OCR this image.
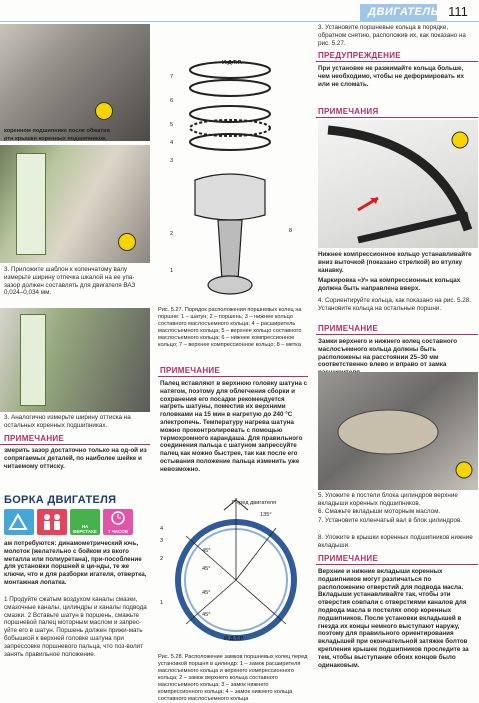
ДВИГАТЕЛЬ 111
коренном подшипнике после обжатия
ртн крышки коренных подшипников.
3. Приложите шаблон к коленчатому валу измерьте ширину отпечка шкалой на ее упа-зазор должен составлять для двигателя ВАЗ 0,024–0,034 мм.
3. Аналогично измерьте ширину оттиска на остальных коренных подшипниках.
ПРИМЕЧАНИЕ
змерить зазор достаточно только на од-ой из сопрягаемых деталей, по наиболее шейке и читаемому оттиску.
БОРКА ДВИГАТЕЛЯ
НА ВЕРСТАКЕ	7 ЧАСОВ
ам потребуются: динамометрический ючь, молоток (желательно с бойком из вкого металла или полиуретана), при-пособление для установки поршней в ци-нды, те же ключи, что и для разборки игателя, отвертка, монтажная лопатка.
1 Продуйте сжатым воздухом каналы смазки, смазочные каналы, цилиндры и каналы подвода смазки. 2 Вставьте шатун в поршень, смажьте поршневой палец моторным маслом и запрес-уйте его в шатун. Поршень должен прижи-мать бобышкой к верхней головке шатуна при запрессовке поршневого пальца, что поз-волит занять правильное положение.
И.Д.Т.Р.
7
6
5
4
3
2
1
8
Рис. 5.27. Порядок расположения поршневых колец на поршне: 1 – шатун; 2 – поршень; 3 – нижнее кольцо составного маслосъемного кольца; 4 – расширитель маслосъемного кольца; 5 – верхнее кольцо составного маслосъемного кольца; 6 – нижнее компрессионное кольцо; 7 – верхнее компрессионное кольцо; 8 – метка
ПРИМЕЧАНИЕ
Палец вставляют в верхнюю головку шатуна с натягом, поэтому для облегчения сборки и сохранения его посадки рекомендуется нагреть шатуны, поместив их верхними головками на 15 мин в нагретую до 240 °С электропечь. Температуру нагрева шатуна можно проконтролировать с помощью термохромного карандаша. Для правильного соединения пальца с шатуном запрессуйте палец как можно быстрее, так как после его остывания положение пальца изменить уже невозможно.
Перед двигателя
4
3
2
1
135°
45°
45°
45°
45°
И.Д.Т.Р.
Рис. 5.28. Расположение замков поршневых колец перед установкой поршня в цилиндр: 1 – замок расширителя маслосъемного кольца и верхнего компрессионного кольца; 2 – замок верхнего кольца составного маслосъемного кольца; 3 – замок нижнего компрессионного кольца; 4 – замок нижнего кольца составного маслосъемного кольца
3. Установите поршневые кольца в порядке, обратном снятию, расположив их, как показано на рис. 5.27.
ПРЕДУПРЕЖДЕНИЕ
При установке не разжимайте кольца больше, чем необходимо, чтобы не деформировать их или не сломать.
ПРИМЕЧАНИЯ
Нижнее компрессионное кольцо устанавливайте вниз выточкой (показано стрелкой) во втулку канавку.
Маркировка «У» на компрессионных кольцах должна быть направлена вверх.
4. Сориентируйте кольца, как показано на рис. 5.28. Установите кольца на остальные поршни.
ПРИМЕЧАНИЕ
Замки верхнего и нижнего колец составного маслосъемного кольца должны быть расположены на расстоянии 25–30 мм соответственно влево и вправо от замка
5. Уложите в постели блока цилиндров верхние вкладыши коренных подшипников.
6. Смажьте вкладыши моторным маслом.
7. Установите коленчатый вал в блок цилиндров.
8. Уложите в крышки коренных подшипников нижние вкладыши.
ПРИМЕЧАНИЕ
Верхние и нижние вкладыши коренных подшипников могут различаться по расположению отверстий для подвода масла. Вкладыши устанавливайте так, чтобы эти отверстия совпали с отверстиями каналов для подвода масла в постелях опор коренных подшипников. После установки вкладышей в гнезда их концы немного выступают наружу, поэтому для правильного ориентирования вкладышей при окончательной затяжке болтов крепления крышек подшипников проследите за тем, чтобы выступание обоих концов было одинаковым.
